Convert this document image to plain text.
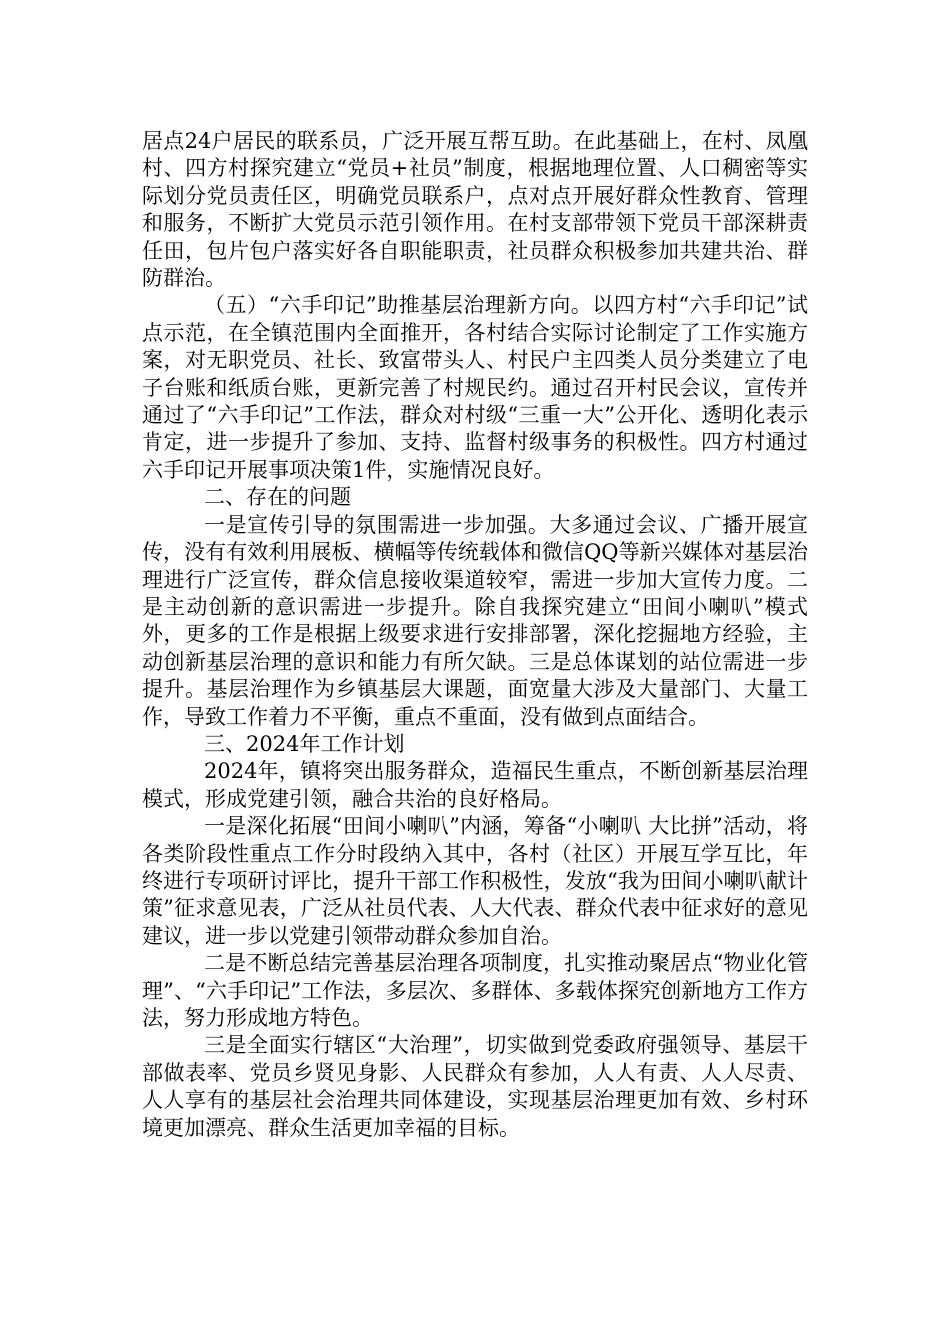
居点24户居民的联系员，广泛开展互帮互助。在此基础上，在村、凤凰村、四方村探究建立“党员+社员”制度，根据地理位置、人口稠密等实际划分党员责任区，明确党员联系户，点对点开展好群众性教育、管理和服务，不断扩大党员示范引领作用。在村支部带领下党员干部深耕责任田，包片包户落实好各自职能职责，社员群众积极参加共建共治、群防群治。

（五）“六手印记”助推基层治理新方向。以四方村“六手印记”试点示范，在全镇范围内全面推开，各村结合实际讨论制定了工作实施方案，对无职党员、社长、致富带头人、村民户主四类人员分类建立了电子台账和纸质台账，更新完善了村规民约。通过召开村民会议，宣传并通过了“六手印记”工作法，群众对村级“三重一大”公开化、透明化表示肯定，进一步提升了参加、支持、监督村级事务的积极性。四方村通过六手印记开展事项决策1件，实施情况良好。

二、存在的问题

一是宣传引导的氛围需进一步加强。大多通过会议、广播开展宣传，没有有效利用展板、横幅等传统载体和微信QQ等新兴媒体对基层治理进行广泛宣传，群众信息接收渠道较窄，需进一步加大宣传力度。二是主动创新的意识需进一步提升。除自我探究建立“田间小喇叭”模式外，更多的工作是根据上级要求进行安排部署，深化挖掘地方经验，主动创新基层治理的意识和能力有所欠缺。三是总体谋划的站位需进一步提升。基层治理作为乡镇基层大课题，面宽量大涉及大量部门、大量工作，导致工作着力不平衡，重点不重面，没有做到点面结合。

三、2024年工作计划

2024年，镇将突出服务群众，造福民生重点，不断创新基层治理模式，形成党建引领，融合共治的良好格局。

一是深化拓展“田间小喇叭”内涵，筹备“小喇叭 大比拼”活动，将各类阶段性重点工作分时段纳入其中，各村（社区）开展互学互比，年终进行专项研讨评比，提升干部工作积极性，发放“我为田间小喇叭献计策”征求意见表，广泛从社员代表、人大代表、群众代表中征求好的意见建议，进一步以党建引领带动群众参加自治。

二是不断总结完善基层治理各项制度，扎实推动聚居点“物业化管理”、“六手印记”工作法，多层次、多群体、多载体探究创新地方工作方法，努力形成地方特色。

三是全面实行辖区“大治理”，切实做到党委政府强领导、基层干部做表率、党员乡贤见身影、人民群众有参加，人人有责、人人尽责、人人享有的基层社会治理共同体建设，实现基层治理更加有效、乡村环境更加漂亮、群众生活更加幸福的目标。
